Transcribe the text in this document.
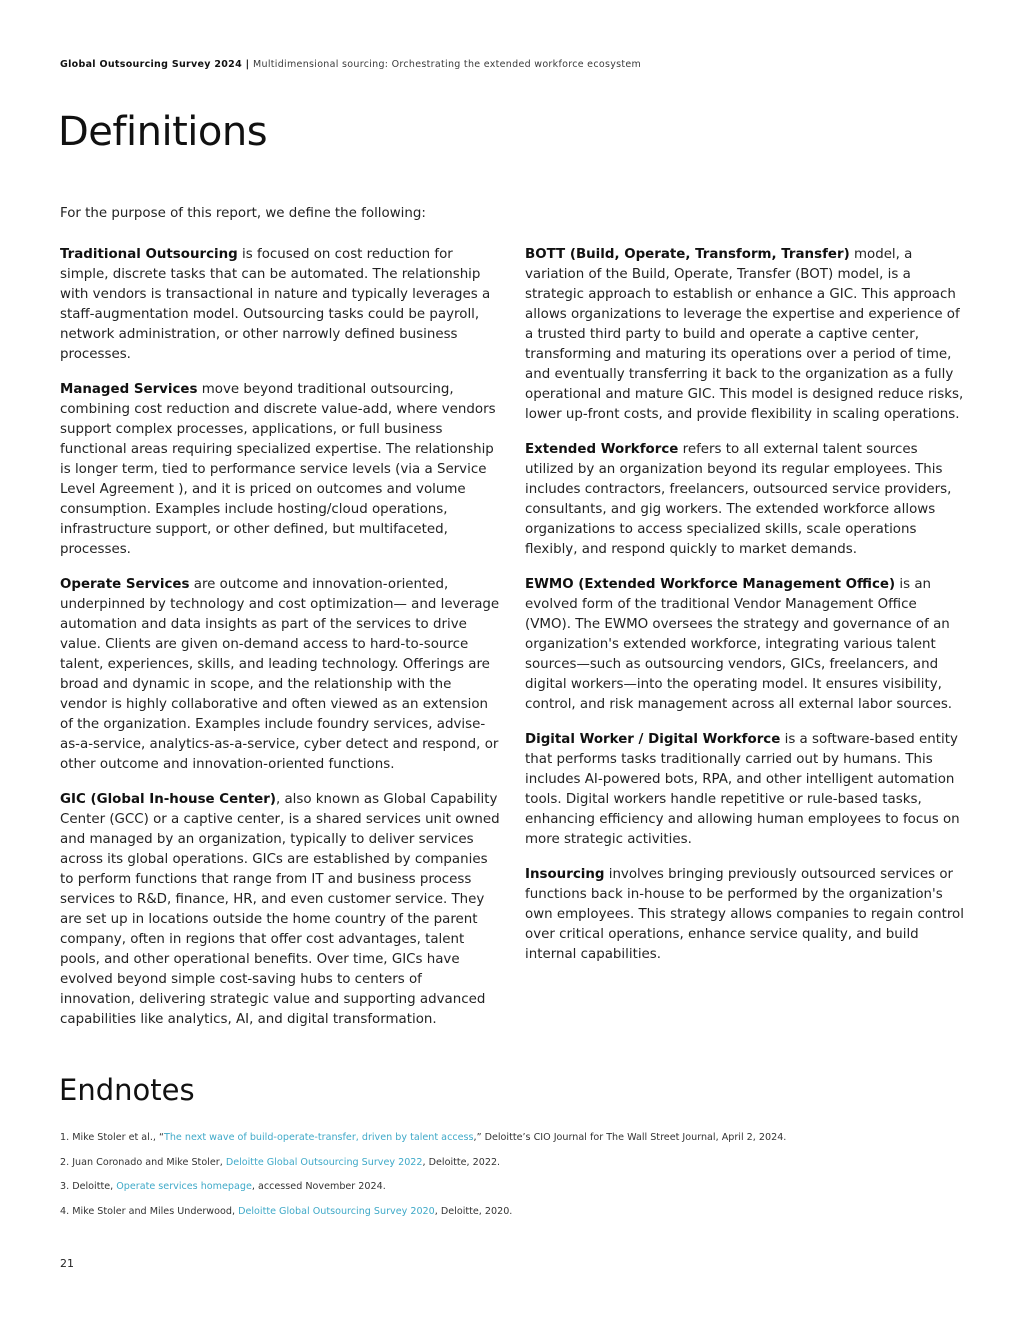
Global Outsourcing Survey 2024 | Multidimensional sourcing: Orchestrating the extended workforce ecosystem
Definitions

For the purpose of this report, we define the following:

Traditional Outsourcing is focused on cost reduction for simple, discrete tasks that can be automated. The relationship with vendors is transactional in nature and typically leverages a staff-augmentation model. Outsourcing tasks could be payroll, network administration, or other narrowly defined business processes.

Managed Services move beyond traditional outsourcing, combining cost reduction and discrete value-add, where vendors support complex processes, applications, or full business functional areas requiring specialized expertise. The relationship is longer term, tied to performance service levels (via a Service Level Agreement ), and it is priced on outcomes and volume consumption. Examples include hosting/cloud operations, infrastructure support, or other defined, but multifaceted, processes.

Operate Services are outcome and innovation-oriented, underpinned by technology and cost optimization— and leverage automation and data insights as part of the services to drive value. Clients are given on-demand access to hard-to-source talent, experiences, skills, and leading technology. Offerings are broad and dynamic in scope, and the relationship with the vendor is highly collaborative and often viewed as an extension of the organization. Examples include foundry services, advise-as-a-service, analytics-as-a-service, cyber detect and respond, or other outcome and innovation-oriented functions.

GIC (Global In-house Center), also known as Global Capability Center (GCC) or a captive center, is a shared services unit owned and managed by an organization, typically to deliver services across its global operations. GICs are established by companies to perform functions that range from IT and business process services to R&D, finance, HR, and even customer service. They are set up in locations outside the home country of the parent company, often in regions that offer cost advantages, talent pools, and other operational benefits. Over time, GICs have evolved beyond simple cost-saving hubs to centers of innovation, delivering strategic value and supporting advanced capabilities like analytics, AI, and digital transformation.

BOTT (Build, Operate, Transform, Transfer) model, a variation of the Build, Operate, Transfer (BOT) model, is a strategic approach to establish or enhance a GIC. This approach allows organizations to leverage the expertise and experience of a trusted third party to build and operate a captive center, transforming and maturing its operations over a period of time, and eventually transferring it back to the organization as a fully operational and mature GIC. This model is designed reduce risks, lower up-front costs, and provide flexibility in scaling operations.

Extended Workforce refers to all external talent sources utilized by an organization beyond its regular employees. This includes contractors, freelancers, outsourced service providers, consultants, and gig workers. The extended workforce allows organizations to access specialized skills, scale operations flexibly, and respond quickly to market demands.

EWMO (Extended Workforce Management Office) is an evolved form of the traditional Vendor Management Office (VMO). The EWMO oversees the strategy and governance of an organization's extended workforce, integrating various talent sources—such as outsourcing vendors, GICs, freelancers, and digital workers—into the operating model. It ensures visibility, control, and risk management across all external labor sources.

Digital Worker / Digital Workforce is a software-based entity that performs tasks traditionally carried out by humans. This includes AI-powered bots, RPA, and other intelligent automation tools. Digital workers handle repetitive or rule-based tasks, enhancing efficiency and allowing human employees to focus on more strategic activities.

Insourcing involves bringing previously outsourced services or functions back in-house to be performed by the organization's own employees. This strategy allows companies to regain control over critical operations, enhance service quality, and build internal capabilities.

Endnotes
1. Mike Stoler et al., “The next wave of build-operate-transfer, driven by talent access,” Deloitte’s CIO Journal for The Wall Street Journal, April 2, 2024.
2. Juan Coronado and Mike Stoler, Deloitte Global Outsourcing Survey 2022, Deloitte, 2022.
3. Deloitte, Operate services homepage, accessed November 2024.
4. Mike Stoler and Miles Underwood, Deloitte Global Outsourcing Survey 2020, Deloitte, 2020.
21
